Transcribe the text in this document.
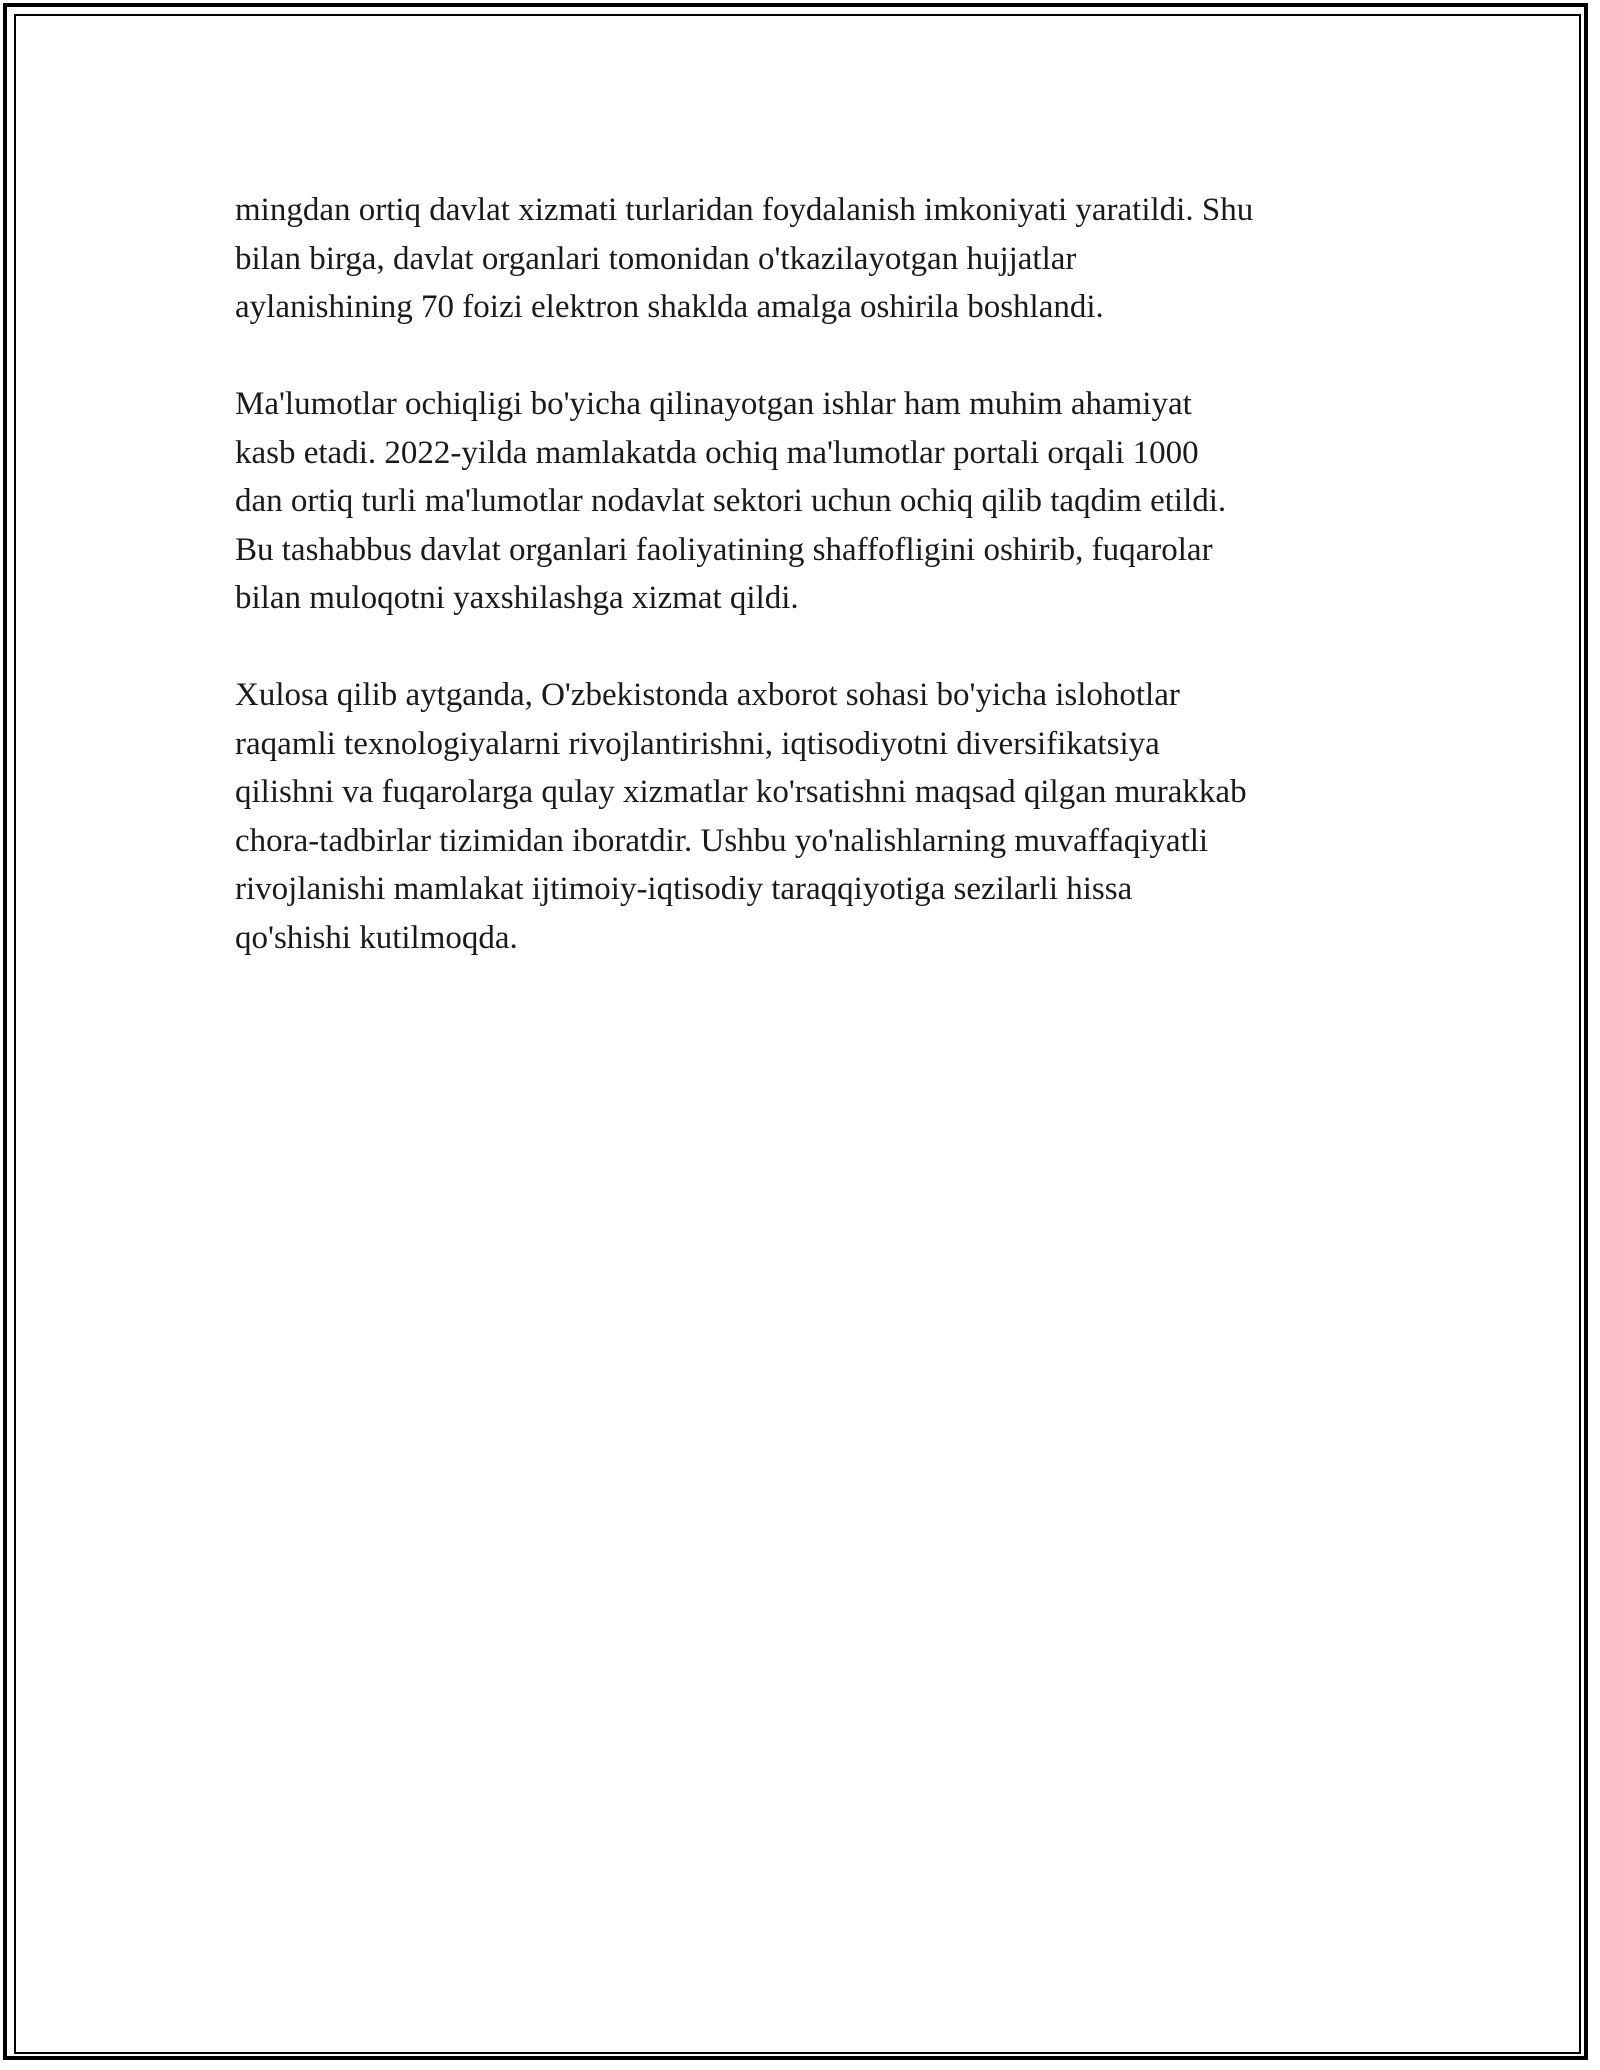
mingdan ortiq davlat xizmati turlaridan foydalanish imkoniyati yaratildi. Shu
bilan birga, davlat organlari tomonidan o'tkazilayotgan hujjatlar
aylanishining 70 foizi elektron shaklda amalga oshirila boshlandi.

Ma'lumotlar ochiqligi bo'yicha qilinayotgan ishlar ham muhim ahamiyat
kasb etadi. 2022-yilda mamlakatda ochiq ma'lumotlar portali orqali 1000
dan ortiq turli ma'lumotlar nodavlat sektori uchun ochiq qilib taqdim etildi.
Bu tashabbus davlat organlari faoliyatining shaffofligini oshirib, fuqarolar
bilan muloqotni yaxshilashga xizmat qildi.

Xulosa qilib aytganda, O'zbekistonda axborot sohasi bo'yicha islohotlar
raqamli texnologiyalarni rivojlantirishni, iqtisodiyotni diversifikatsiya
qilishni va fuqarolarga qulay xizmatlar ko'rsatishni maqsad qilgan murakkab
chora-tadbirlar tizimidan iboratdir. Ushbu yo'nalishlarning muvaffaqiyatli
rivojlanishi mamlakat ijtimoiy-iqtisodiy taraqqiyotiga sezilarli hissa
qo'shishi kutilmoqda.
